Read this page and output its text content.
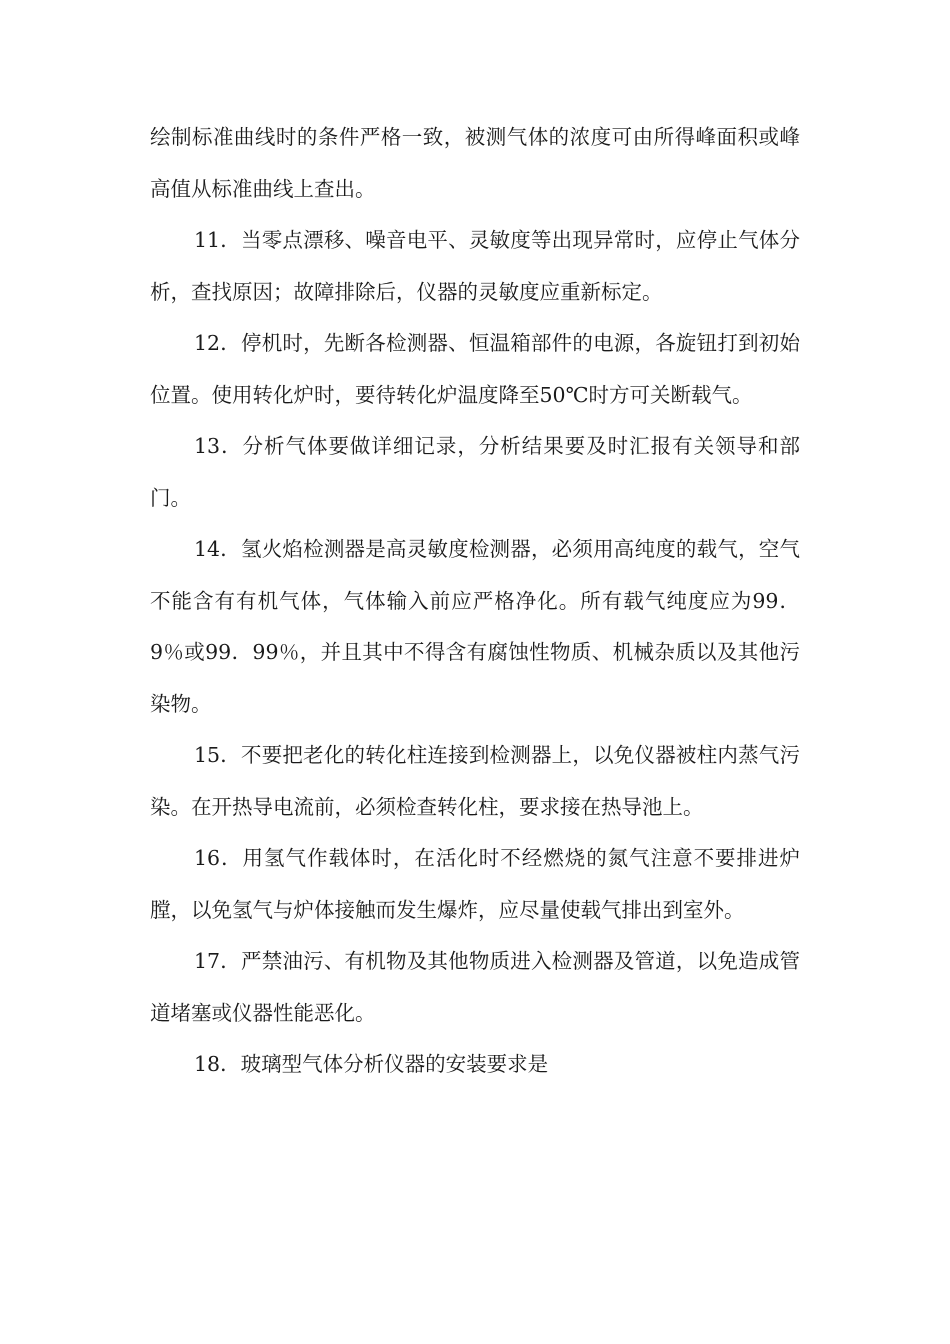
绘制标准曲线时的条件严格一致，被测气体的浓度可由所得峰面积或峰高值从标准曲线上查出。

11．当零点漂移、噪音电平、灵敏度等出现异常时，应停止气体分析，查找原因；故障排除后，仪器的灵敏度应重新标定。

12．停机时，先断各检测器、恒温箱部件的电源，各旋钮打到初始位置。使用转化炉时，要待转化炉温度降至50℃时方可关断载气。

13．分析气体要做详细记录，分析结果要及时汇报有关领导和部门。

14．氢火焰检测器是高灵敏度检测器，必须用高纯度的载气，空气不能含有有机气体，气体输入前应严格净化。所有载气纯度应为99．9％或99．99％，并且其中不得含有腐蚀性物质、机械杂质以及其他污染物。

15．不要把老化的转化柱连接到检测器上，以免仪器被柱内蒸气污染。在开热导电流前，必须检查转化柱，要求接在热导池上。

16．用氢气作载体时，在活化时不经燃烧的氮气注意不要排进炉膛，以免氢气与炉体接触而发生爆炸，应尽量使载气排出到室外。

17．严禁油污、有机物及其他物质进入检测器及管道，以免造成管道堵塞或仪器性能恶化。

18．玻璃型气体分析仪器的安装要求是
